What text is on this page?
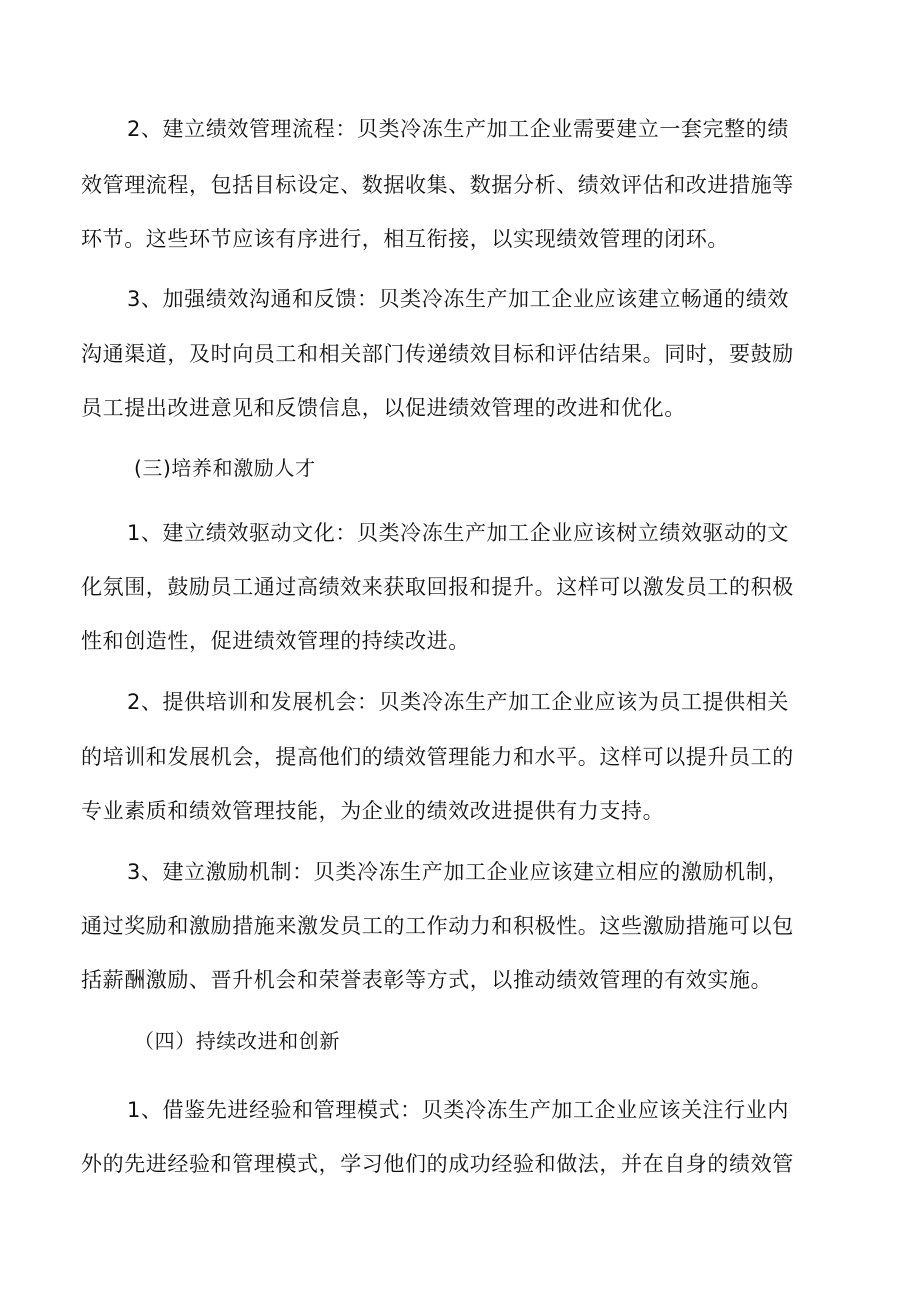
2、建立绩效管理流程：贝类冷冻生产加工企业需要建立一套完整的绩
效管理流程，包括目标设定、数据收集、数据分析、绩效评估和改进措施等
环节。这些环节应该有序进行，相互衔接，以实现绩效管理的闭环。
3、加强绩效沟通和反馈：贝类冷冻生产加工企业应该建立畅通的绩效
沟通渠道，及时向员工和相关部门传递绩效目标和评估结果。同时，要鼓励
员工提出改进意见和反馈信息，以促进绩效管理的改进和优化。
(三)培养和激励人才
1、建立绩效驱动文化：贝类冷冻生产加工企业应该树立绩效驱动的文
化氛围，鼓励员工通过高绩效来获取回报和提升。这样可以激发员工的积极
性和创造性，促进绩效管理的持续改进。
2、提供培训和发展机会：贝类冷冻生产加工企业应该为员工提供相关
的培训和发展机会，提高他们的绩效管理能力和水平。这样可以提升员工的
专业素质和绩效管理技能，为企业的绩效改进提供有力支持。
3、建立激励机制：贝类冷冻生产加工企业应该建立相应的激励机制，
通过奖励和激励措施来激发员工的工作动力和积极性。这些激励措施可以包
括薪酬激励、晋升机会和荣誉表彰等方式，以推动绩效管理的有效实施。
（四）持续改进和创新
1、借鉴先进经验和管理模式：贝类冷冻生产加工企业应该关注行业内
外的先进经验和管理模式，学习他们的成功经验和做法，并在自身的绩效管
